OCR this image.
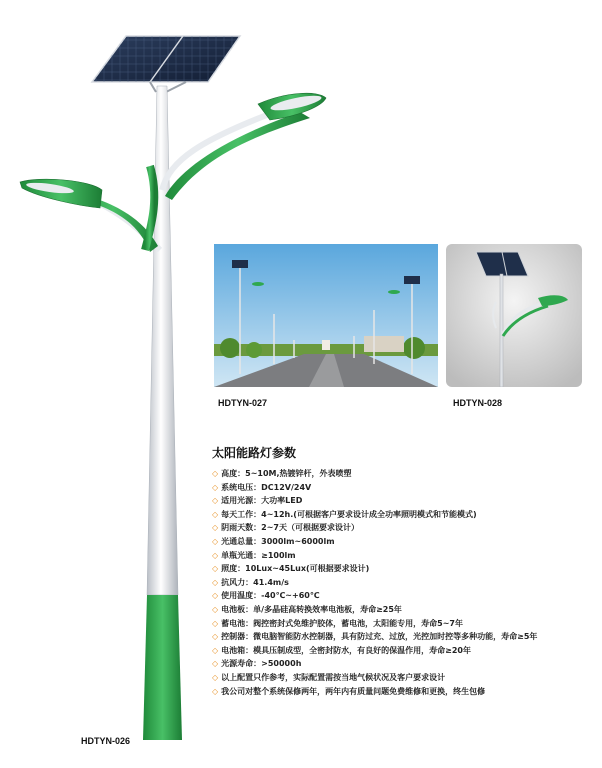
HDTYN-027	HDTYN-028
HDTYN-026
太阳能路灯参数
◇ 高度：5~10M,热镀锌杆，外表喷塑
◇ 系统电压：DC12V/24V
◇ 适用光源：大功率LED
◇ 每天工作：4~12h.(可根据客户要求设计成全功率照明模式和节能模式)
◇ 阴雨天数：2~7天（可根据要求设计）
◇ 光通总量：3000lm~6000lm
◇ 单瓶光通：≥100lm
◇ 照度：10Lux~45Lux(可根据要求设计)
◇ 抗风力：41.4m/s
◇ 使用温度：-40℃~+60℃
◇ 电池板：单/多晶硅高转换效率电池板，寿命≥25年
◇ 蓄电池：阀控密封式免维护胶体，蓄电池，太阳能专用，寿命5~7年
◇ 控制器：微电脑智能防水控制器，具有防过充、过放，光控加时控等多种功能，寿命≥5年
◇ 电池箱：模具压制成型，全密封防水，有良好的保温作用，寿命≥20年
◇ 光源寿命：>50000h
◇ 以上配置只作参考，实际配置需按当地气候状况及客户要求设计
◇ 我公司对整个系统保修两年，两年内有质量问题免费维修和更换，终生包修
